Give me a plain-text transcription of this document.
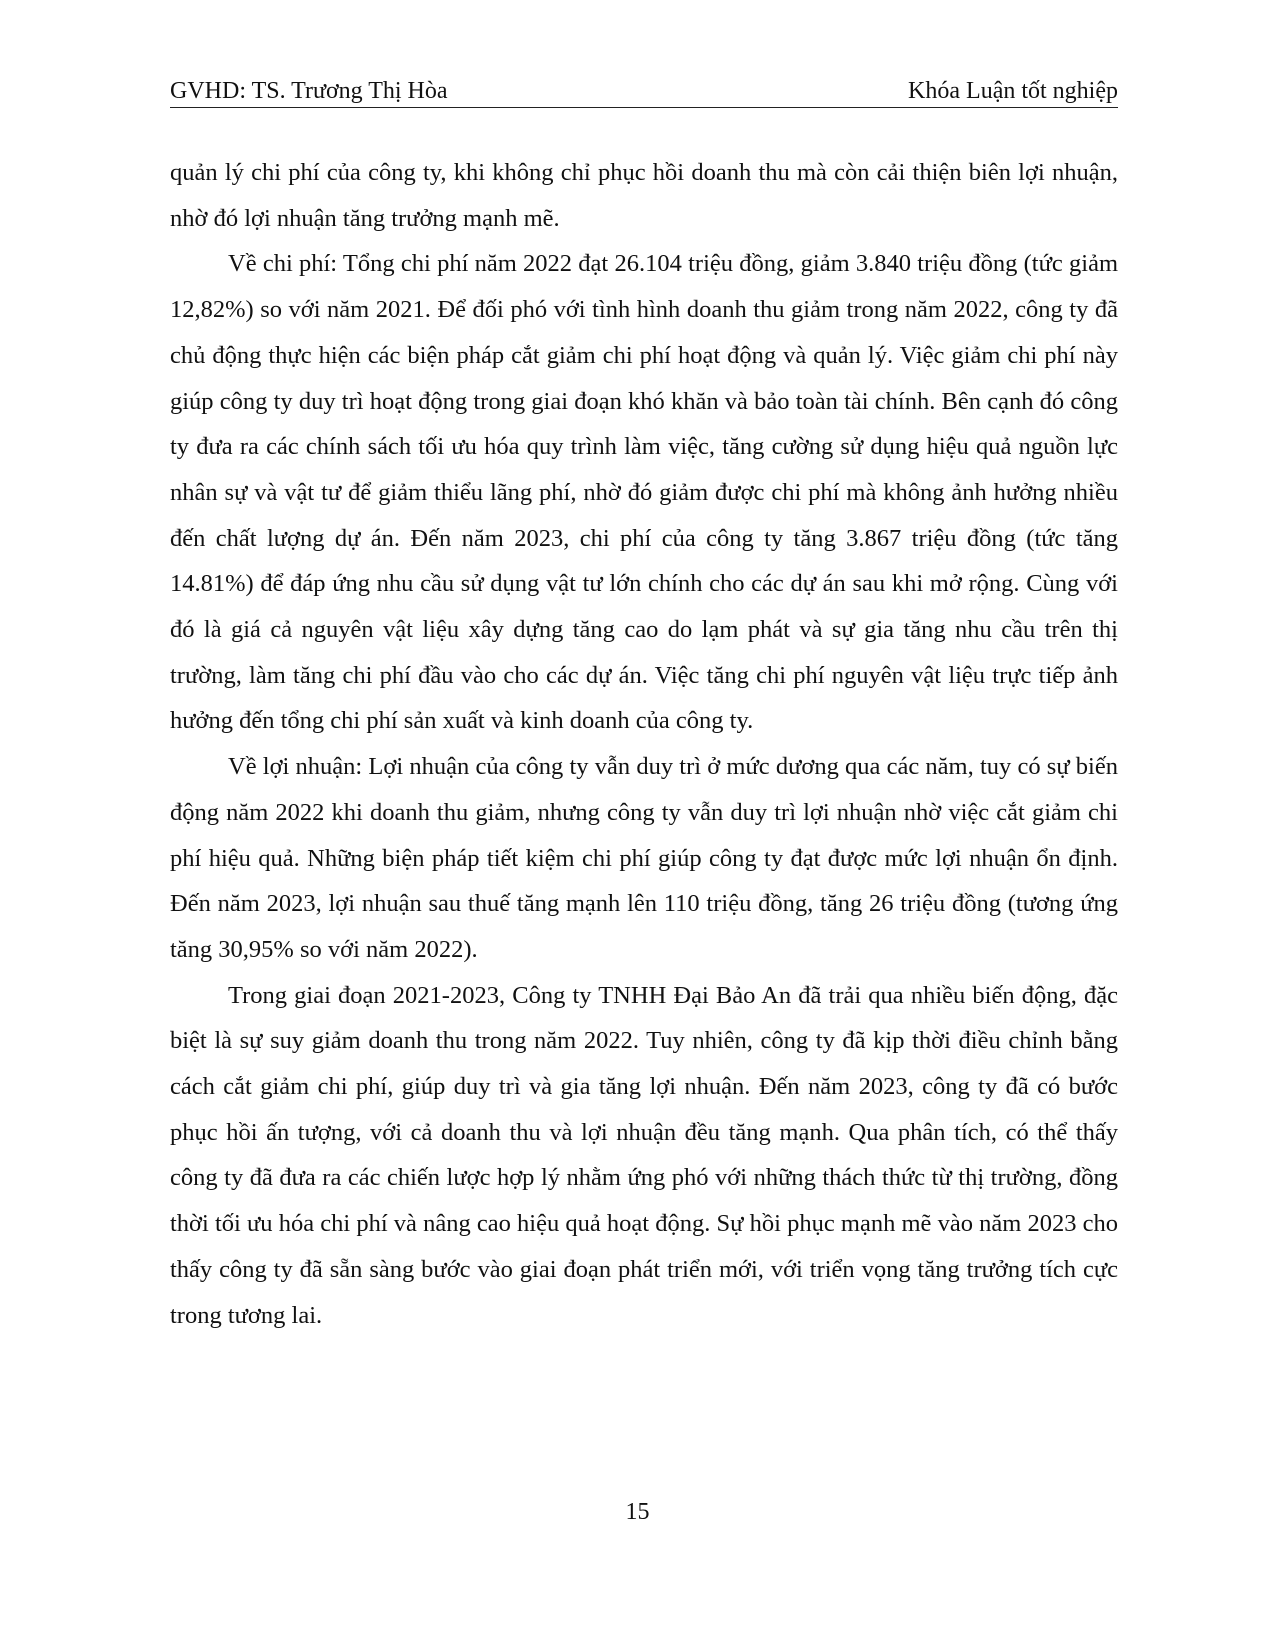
GVHD: TS. Trương Thị Hòa	Khóa Luận tốt nghiệp

quản lý chi phí của công ty, khi không chỉ phục hồi doanh thu mà còn cải thiện biên lợi nhuận, nhờ đó lợi nhuận tăng trưởng mạnh mẽ.

Về chi phí: Tổng chi phí năm 2022 đạt 26.104 triệu đồng, giảm 3.840 triệu đồng (tức giảm 12,82%) so với năm 2021. Để đối phó với tình hình doanh thu giảm trong năm 2022, công ty đã chủ động thực hiện các biện pháp cắt giảm chi phí hoạt động và quản lý. Việc giảm chi phí này giúp công ty duy trì hoạt động trong giai đoạn khó khăn và bảo toàn tài chính. Bên cạnh đó công ty đưa ra các chính sách tối ưu hóa quy trình làm việc, tăng cường sử dụng hiệu quả nguồn lực nhân sự và vật tư để giảm thiểu lãng phí, nhờ đó giảm được chi phí mà không ảnh hưởng nhiều đến chất lượng dự án. Đến năm 2023, chi phí của công ty tăng 3.867 triệu đồng (tức tăng 14.81%) để đáp ứng nhu cầu sử dụng vật tư lớn chính cho các dự án sau khi mở rộng. Cùng với đó là giá cả nguyên vật liệu xây dựng tăng cao do lạm phát và sự gia tăng nhu cầu trên thị trường, làm tăng chi phí đầu vào cho các dự án. Việc tăng chi phí nguyên vật liệu trực tiếp ảnh hưởng đến tổng chi phí sản xuất và kinh doanh của công ty.

Về lợi nhuận: Lợi nhuận của công ty vẫn duy trì ở mức dương qua các năm, tuy có sự biến động năm 2022 khi doanh thu giảm, nhưng công ty vẫn duy trì lợi nhuận nhờ việc cắt giảm chi phí hiệu quả. Những biện pháp tiết kiệm chi phí giúp công ty đạt được mức lợi nhuận ổn định. Đến năm 2023, lợi nhuận sau thuế tăng mạnh lên 110 triệu đồng, tăng 26 triệu đồng (tương ứng tăng 30,95% so với năm 2022).

Trong giai đoạn 2021-2023, Công ty TNHH Đại Bảo An đã trải qua nhiều biến động, đặc biệt là sự suy giảm doanh thu trong năm 2022. Tuy nhiên, công ty đã kịp thời điều chỉnh bằng cách cắt giảm chi phí, giúp duy trì và gia tăng lợi nhuận. Đến năm 2023, công ty đã có bước phục hồi ấn tượng, với cả doanh thu và lợi nhuận đều tăng mạnh. Qua phân tích, có thể thấy công ty đã đưa ra các chiến lược hợp lý nhằm ứng phó với những thách thức từ thị trường, đồng thời tối ưu hóa chi phí và nâng cao hiệu quả hoạt động. Sự hồi phục mạnh mẽ vào năm 2023 cho thấy công ty đã sẵn sàng bước vào giai đoạn phát triển mới, với triển vọng tăng trưởng tích cực trong tương lai.

15
